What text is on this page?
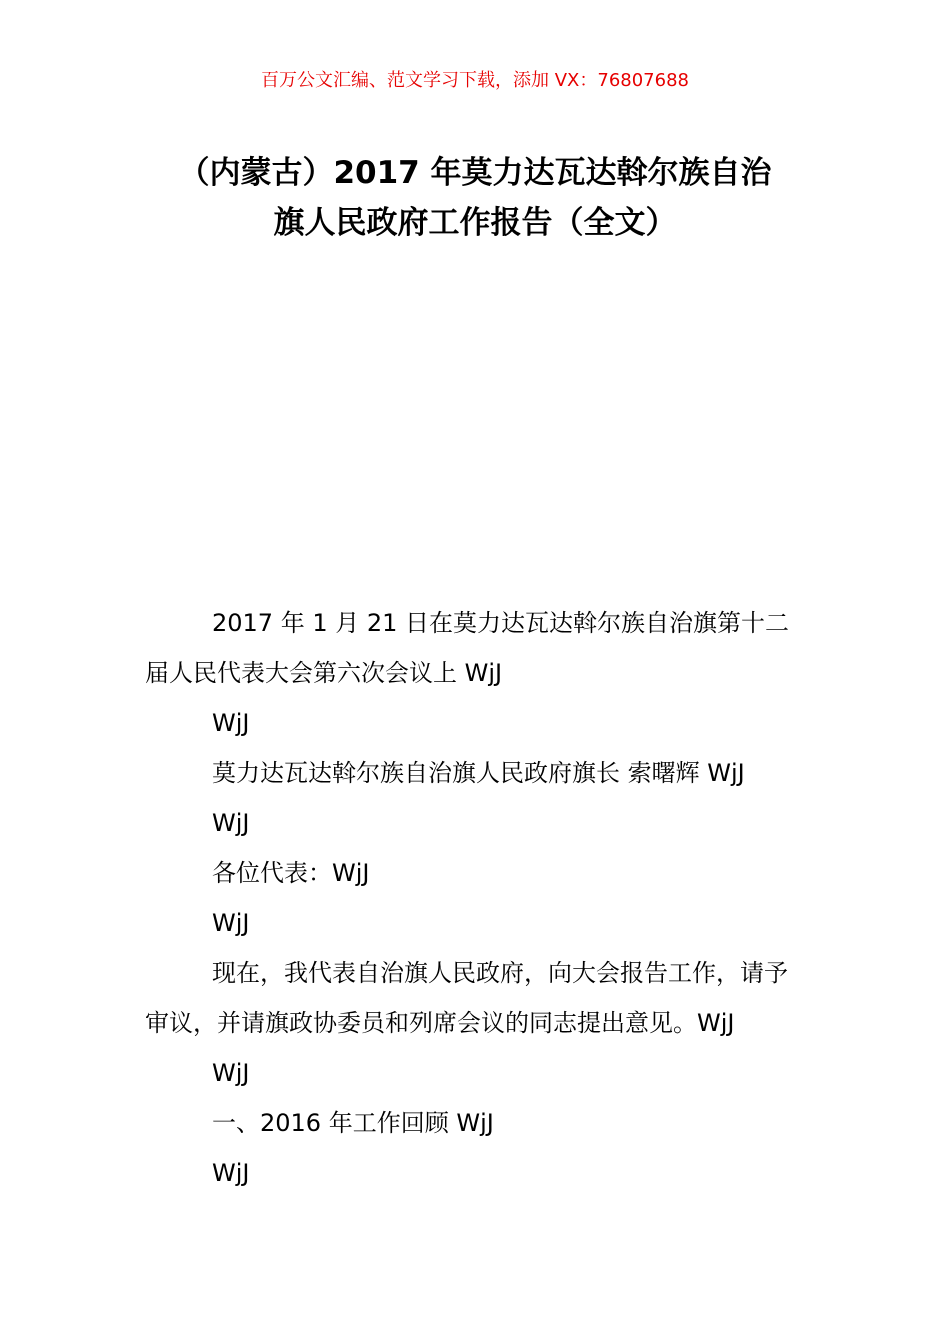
百万公文汇编、范文学习下载，添加 VX：76807688
（内蒙古）2017 年莫力达瓦达斡尔族自治
旗人民政府工作报告（全文）

2017 年 1 月 21 日在莫力达瓦达斡尔族自治旗第十二届人民代表大会第六次会议上 WjJ

WjJ

莫力达瓦达斡尔族自治旗人民政府旗长 索曙辉 WjJ

WjJ

各位代表：WjJ

WjJ

现在，我代表自治旗人民政府，向大会报告工作，请予审议，并请旗政协委员和列席会议的同志提出意见。WjJ

WjJ

一、2016 年工作回顾 WjJ

WjJ
